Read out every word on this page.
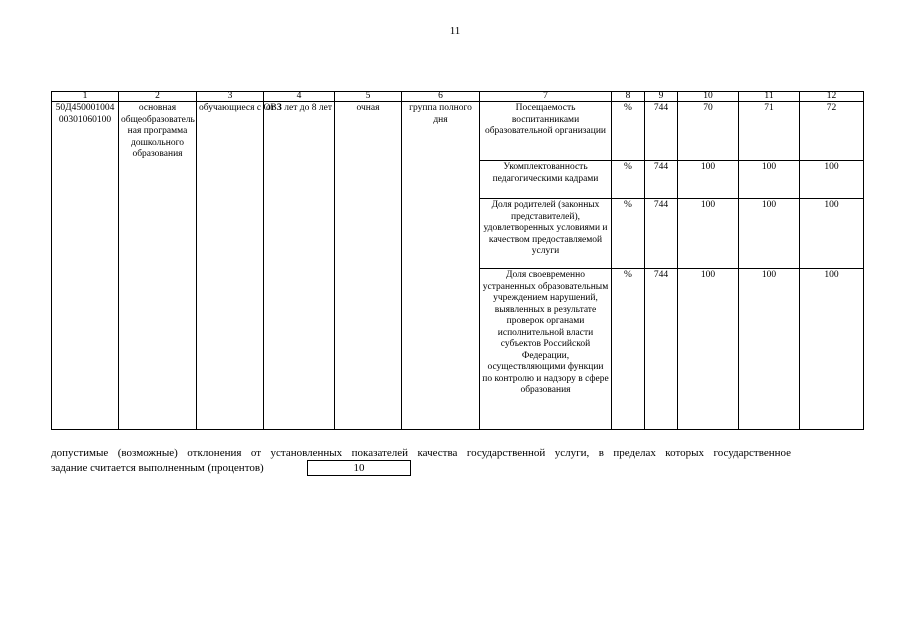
11
1	2	3	4	5	6	7	8	9	10	11	12
50Д450001004 00301060100	основная общеобразователь ная программа дошкольного образования	обучающиеся с ОВЗ	от 3 лет до 8 лет	очная	группа полного дня	Посещаемость воспитанниками образовательной организации	%	744	70	71	72
						Укомплектованность педагогическими кадрами	%	744	100	100	100
						Доля родителей (законных представителей), удовлетворенных условиями и качеством предоставляемой услуги	%	744	100	100	100
						Доля своевременно устраненных образовательным учреждением нарушений, выявленных в результате проверок органами исполнительной власти субъектов Российской Федерации, осуществляющими функции по контролю и надзору в сфере образования	%	744	100	100	100
допустимые (возможные) отклонения от установленных показателей качества государственной услуги, в пределах которых государственное
задание считается выполненным (процентов)	10
